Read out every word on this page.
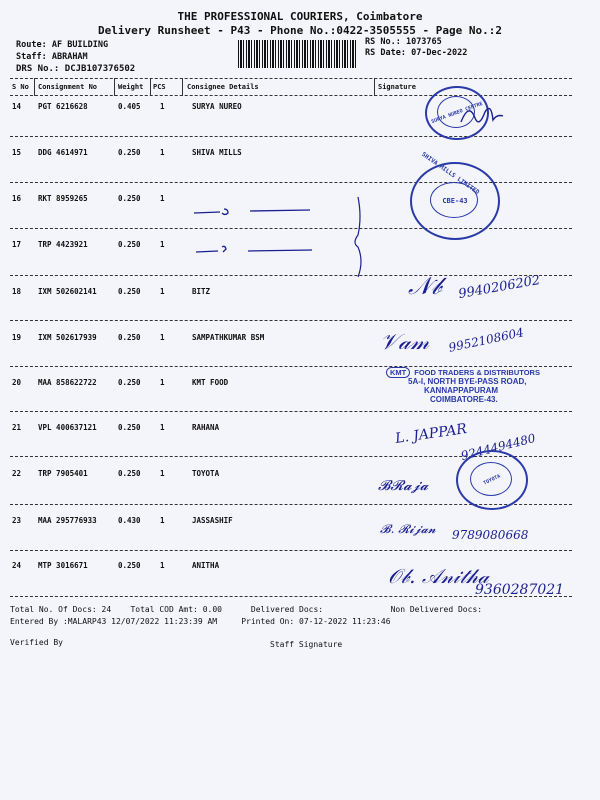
THE PROFESSIONAL COURIERS, Coimbatore
Delivery Runsheet - P43 - Phone No.:0422-3505555 - Page No.:2
Route: AF BUILDING
Staff: ABRAHAM
DRS No.: DCJB107376502
RS No.: 1073765
RS Date: 07-Dec-2022
S No Consignment No	Weight PCS	Consignee Details	Signature
14 PGT 6216628	0.405	1	SURYA NUREO
15 DDG 4614971	0.250	1	SHIVA MILLS
16 RKT 8959265	0.250	1
17 TRP 4423921	0.250	1
18 IXM 502602141	0.250	1	BITZ
19 IXM 502617939	0.250	1	SAMPATHKUMAR BSM
20 MAA 858622722	0.250	1	KMT FOOD
21 VPL 400637121	0.250	1	RAHANA
22 TRP 7905401	0.250	1	TOYOTA
23 MAA 295776933	0.430	1	JASSASHIF
24 MTP 3016671	0.250	1	ANITHA
SURYA NUREO CENTRE
SHIVA MILLS LIMITED
CBE-43
𝒩𝒷 9940206202
𝒱𝒶𝓂 9952108604
KMT FOOD TRADERS & DISTRIBUTORS
5A-I, NORTH BYE-PASS ROAD,
KANNAPPAPURAM
COIMBATORE-43.
L. JAPPAR
9244494480
𝓑𝓡𝓪𝓳𝓪	TOYOTA
𝓑. 𝓡𝓲𝓳𝓪𝓷 9789080668
𝒪𝒷. 𝒜𝓃𝒾𝓉𝒽𝒶
9360287021
Total No. Of Docs: 24 Total COD Amt: 0.00	Delivered Docs:	Non Delivered Docs:
Entered By :MALARP43 12/07/2022 11:23:39 AM	Printed On: 07-12-2022 11:23:46
Verified By	Staff Signature
